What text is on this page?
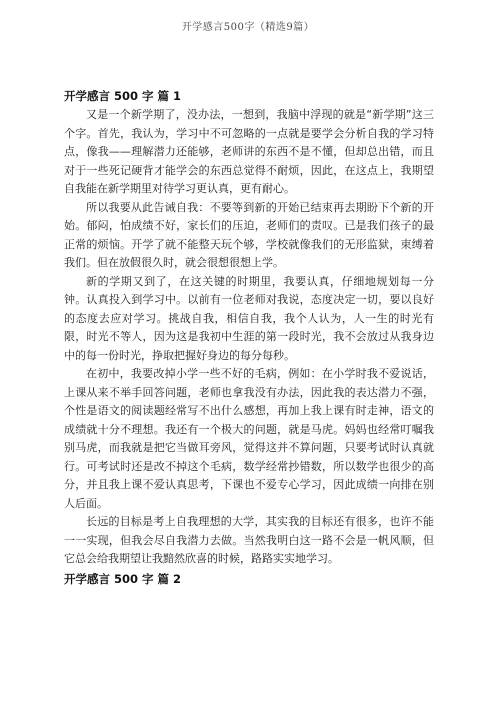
开学感言500字（精选9篇）

开学感言 500 字 篇 1

又是一个新学期了，没办法，一想到，我脑中浮现的就是“新学期”这三个字。首先，我认为，学习中不可忽略的一点就是要学会分析自我的学习特点，像我——理解潜力还能够，老师讲的东西不是不懂，但却总出错，而且对于一些死记硬背才能学会的东西总觉得不耐烦，因此，在这点上，我期望自我能在新学期里对待学习更认真，更有耐心。

所以我要从此告诫自我：不要等到新的开始已结束再去期盼下个新的开始。郁闷，怕成绩不好，家长们的压迫，老师们的责叹。已是我们孩子的最正常的烦恼。开学了就不能整天玩个够，学校就像我们的无形监狱，束缚着我们。但在放假很久时，就会很想很想上学。

新的学期又到了，在这关键的时期里，我要认真，仔细地规划每一分钟。认真投入到学习中。以前有一位老师对我说，态度决定一切，要以良好的态度去应对学习。挑战自我，相信自我，我个人认为，人一生的时光有限，时光不等人，因为这是我初中生涯的第一段时光，我不会放过从我身边中的每一份时光，挣取把握好身边的每分每秒。

在初中，我要改掉小学一些不好的毛病，例如：在小学时我不爱说话，上课从来不举手回答问题，老师也拿我没有办法，因此我的表达潜力不强，个性是语文的阅读题经常写不出什么感想，再加上我上课有时走神，语文的成绩就十分不理想。我还有一个极大的问题，就是马虎。妈妈也经常叮嘱我别马虎，而我就是把它当做耳旁风，觉得这并不算问题，只要考试时认真就行。可考试时还是改不掉这个毛病，数学经常抄错数，所以数学也很少的高分，并且我上课不爱认真思考，下课也不爱专心学习，因此成绩一向排在别人后面。

长远的目标是考上自我理想的大学，其实我的目标还有很多，也许不能一一实现，但我会尽自我潜力去做。当然我明白这一路不会是一帆风顺，但它总会给我期望让我黯然欣喜的时候，路路实实地学习。

开学感言 500 字 篇 2
